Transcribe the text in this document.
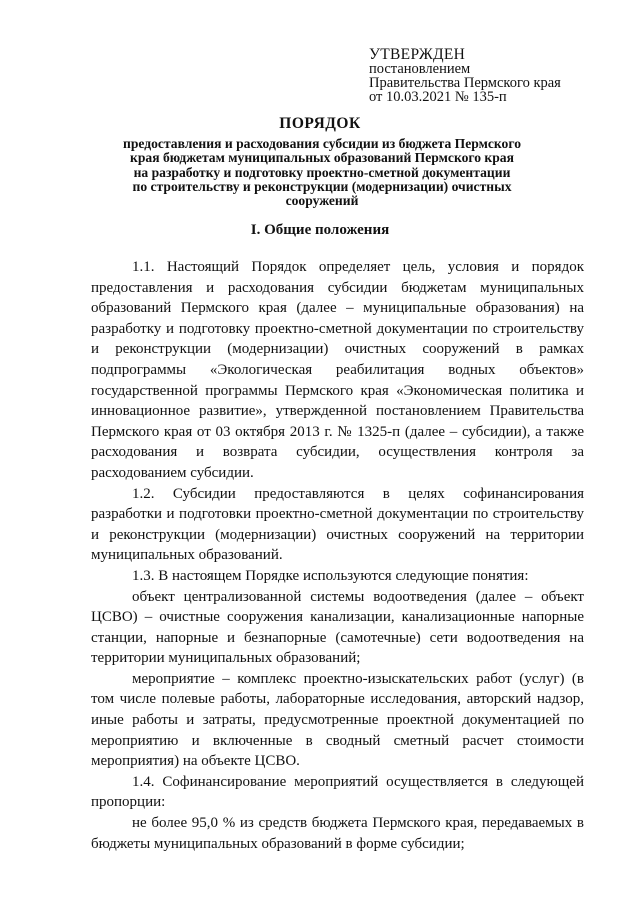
УТВЕРЖДЕН
постановлением
Правительства Пермского края
от 10.03.2021 № 135-п
ПОРЯДОК
предоставления и расходования субсидии из бюджета Пермского
края бюджетам муниципальных образований Пермского края
на разработку и подготовку проектно-сметной документации
по строительству и реконструкции (модернизации) очистных
сооружений
I. Общие положения

1.1. Настоящий Порядок определяет цель, условия и порядок предоставления и расходования субсидии бюджетам муниципальных образований Пермского края (далее – муниципальные образования) на разработку и подготовку проектно-сметной документации по строительству и реконструкции (модернизации) очистных сооружений в рамках подпрограммы «Экологическая реабилитация водных объектов» государственной программы Пермского края «Экономическая политика и инновационное развитие», утвержденной постановлением Правительства Пермского края от 03 октября 2013 г. № 1325-п (далее – субсидии), а также расходования и возврата субсидии, осуществления контроля за расходованием субсидии.

1.2. Субсидии предоставляются в целях софинансирования разработки и подготовки проектно-сметной документации по строительству и реконструкции (модернизации) очистных сооружений на территории муниципальных образований.

1.3. В настоящем Порядке используются следующие понятия:

объект централизованной системы водоотведения (далее – объект ЦСВО) – очистные сооружения канализации, канализационные напорные станции, напорные и безнапорные (самотечные) сети водоотведения на территории муниципальных образований;

мероприятие – комплекс проектно-изыскательских работ (услуг) (в том числе полевые работы, лабораторные исследования, авторский надзор, иные работы и затраты, предусмотренные проектной документацией по мероприятию и включенные в сводный сметный расчет стоимости мероприятия) на объекте ЦСВО.

1.4. Софинансирование мероприятий осуществляется в следующей пропорции:

не более 95,0 % из средств бюджета Пермского края, передаваемых в бюджеты муниципальных образований в форме субсидии;
